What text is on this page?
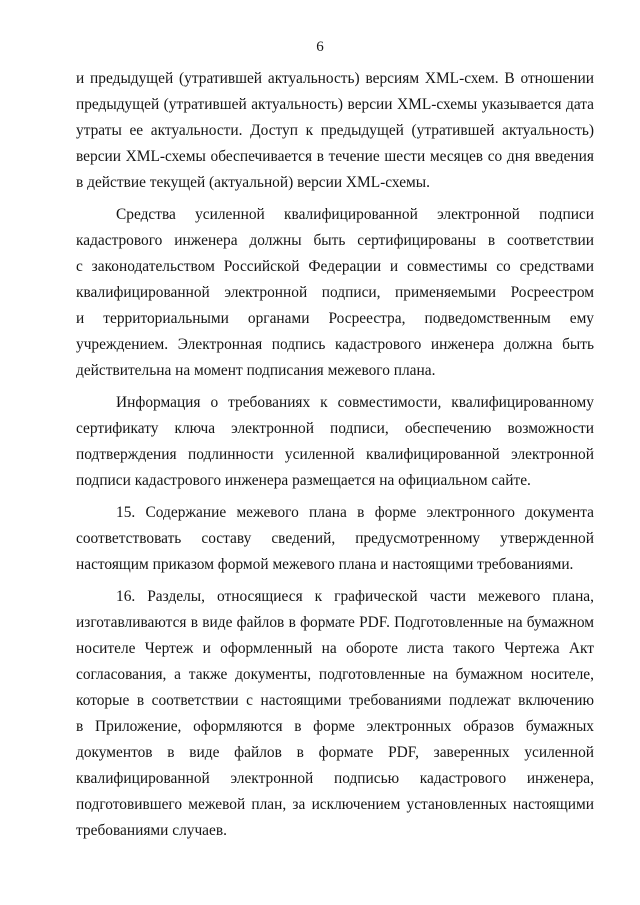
6
и предыдущей (утратившей актуальность) версиям XML-схем. В отношении
предыдущей (утратившей актуальность) версии XML-схемы указывается дата
утраты ее актуальности. Доступ к предыдущей (утратившей актуальность)
версии XML-схемы обеспечивается в течение шести месяцев со дня введения
в действие текущей (актуальной) версии XML-схемы.
Средства усиленной квалифицированной электронной подписи
кадастрового инженера должны быть сертифицированы в соответствии
с законодательством Российской Федерации и совместимы со средствами
квалифицированной электронной подписи, применяемыми Росреестром
и территориальными органами Росреестра, подведомственным ему
учреждением. Электронная подпись кадастрового инженера должна быть
действительна на момент подписания межевого плана.
Информация о требованиях к совместимости, квалифицированному
сертификату ключа электронной подписи, обеспечению возможности
подтверждения подлинности усиленной квалифицированной электронной
подписи кадастрового инженера размещается на официальном сайте.
15. Содержание межевого плана в форме электронного документа
соответствовать составу сведений, предусмотренному утвержденной
настоящим приказом формой межевого плана и настоящими требованиями.
16. Разделы, относящиеся к графической части межевого плана,
изготавливаются в виде файлов в формате PDF. Подготовленные на бумажном
носителе Чертеж и оформленный на обороте листа такого Чертежа Акт
согласования, а также документы, подготовленные на бумажном носителе,
которые в соответствии с настоящими требованиями подлежат включению
в Приложение, оформляются в форме электронных образов бумажных
документов в виде файлов в формате PDF, заверенных усиленной
квалифицированной электронной подписью кадастрового инженера,
подготовившего межевой план, за исключением установленных настоящими
требованиями случаев.
